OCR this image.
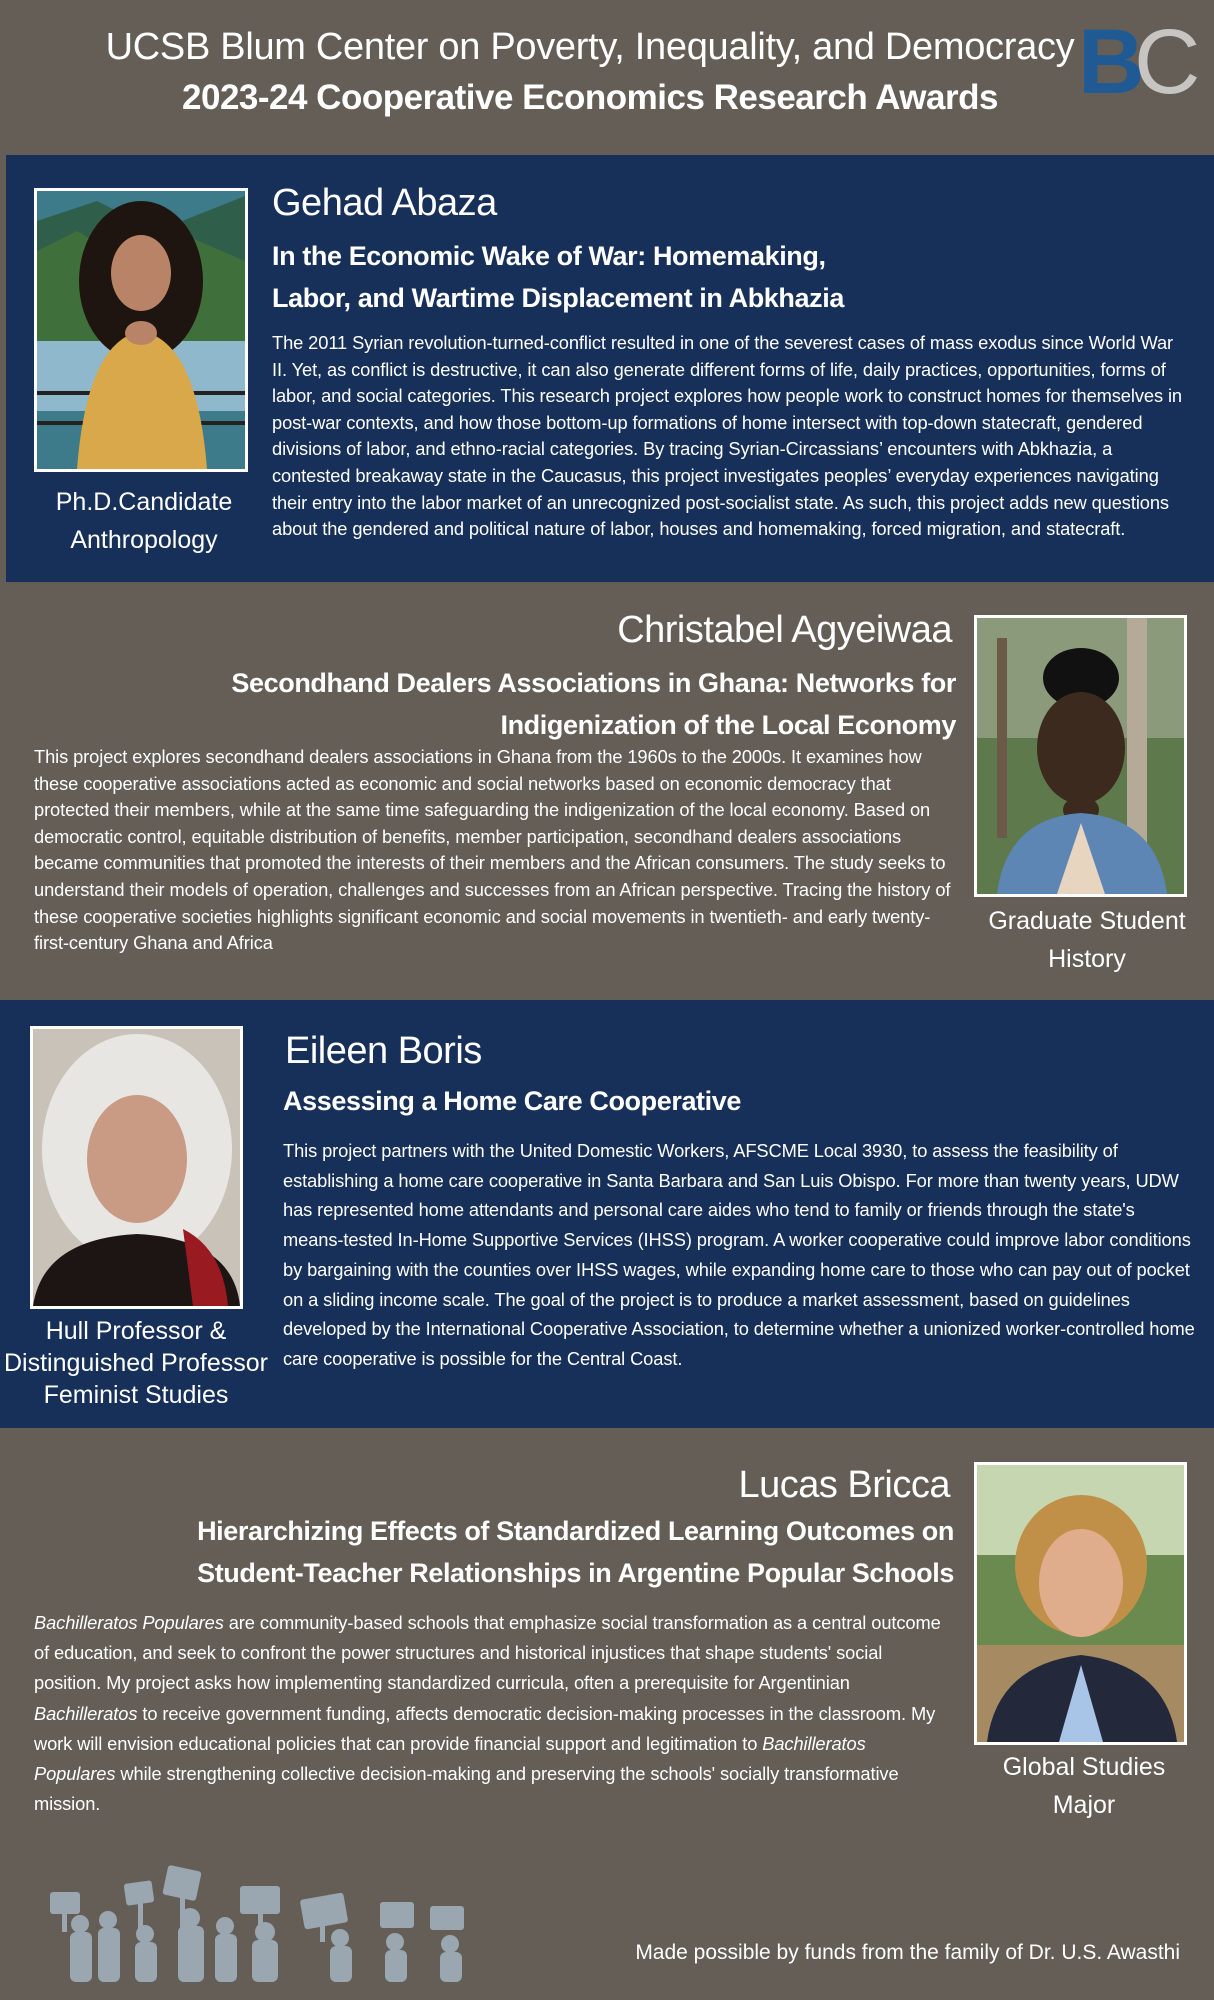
UCSB Blum Center on Poverty, Inequality, and Democracy
2023-24 Cooperative Economics Research Awards B
C
Ph.D.Candidate
Anthropology
Gehad Abaza
In the Economic Wake of War: Homemaking,
Labor, and Wartime Displacement in Abkhazia
The 2011 Syrian revolution-turned-conflict resulted in one of the severest cases of mass exodus since World War II. Yet, as conflict is destructive, it can also generate different forms of life, daily practices, opportunities, forms of labor, and social categories. This research project explores how people work to construct homes for themselves in post-war contexts, and how those bottom-up formations of home intersect with top-down statecraft, gendered divisions of labor, and ethno-racial categories. By tracing Syrian-Circassians’ encounters with Abkhazia, a contested breakaway state in the Caucasus, this project investigates peoples’ everyday experiences navigating their entry into the labor market of an unrecognized post-socialist state. As such, this project adds new questions about the gendered and political nature of labor, houses and homemaking, forced migration, and statecraft.
Christabel Agyeiwaa
Secondhand Dealers Associations in Ghana: Networks for
Indigenization of the Local Economy
This project explores secondhand dealers associations in Ghana from the 1960s to the 2000s. It examines how these cooperative associations acted as economic and social networks based on economic democracy that protected their members, while at the same time safeguarding the indigenization of the local economy. Based on democratic control, equitable distribution of benefits, member participation, secondhand dealers associations became communities that promoted the interests of their members and the African consumers. The study seeks to understand their models of operation, challenges and successes from an African perspective. Tracing the history of these cooperative societies highlights significant economic and social movements in twentieth- and early twenty-first-century Ghana and Africa
Graduate Student
History
Hull Professor &
Distinguished Professor
Feminist Studies
Eileen Boris
Assessing a Home Care Cooperative
This project partners with the United Domestic Workers, AFSCME Local 3930, to assess the feasibility of establishing a home care cooperative in Santa Barbara and San Luis Obispo. For more than twenty years, UDW has represented home attendants and personal care aides who tend to family or friends through the state's means-tested In-Home Supportive Services (IHSS) program. A worker cooperative could improve labor conditions by bargaining with the counties over IHSS wages, while expanding home care to those who can pay out of pocket on a sliding income scale. The goal of the project is to produce a market assessment, based on guidelines developed by the International Cooperative Association, to determine whether a unionized worker-controlled home care cooperative is possible for the Central Coast.
Lucas Bricca
Hierarchizing Effects of Standardized Learning Outcomes on
Student-Teacher Relationships in Argentine Popular Schools
Bachilleratos Populares are community-based schools that emphasize social transformation as a central outcome of education, and seek to confront the power structures and historical injustices that shape students' social position. My project asks how implementing standardized curricula, often a prerequisite for Argentinian Bachilleratos to receive government funding, affects democratic decision-making processes in the classroom. My work will envision educational policies that can provide financial support and legitimation to Bachilleratos Populares while strengthening collective decision-making and preserving the schools' socially transformative mission.
Global Studies
Major
Made possible by funds from the family of Dr. U.S. Awasthi
